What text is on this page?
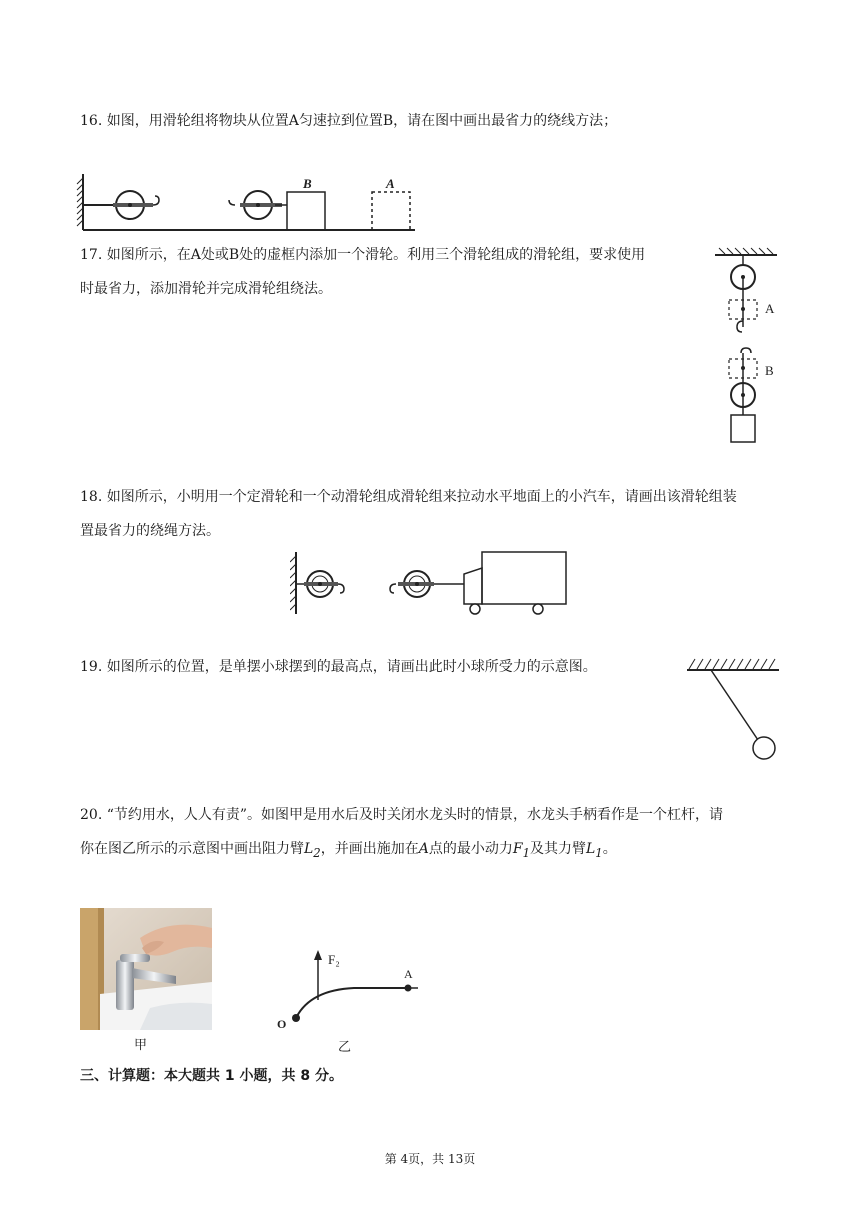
16. 如图，用滑轮组将物块从位置A匀速拉到位置B，请在图中画出最省力的绕线方法；
B	A
17. 如图所示，在A处或B处的虚框内添加一个滑轮。利用三个滑轮组成的滑轮组，要求使用
时最省力，添加滑轮并完成滑轮组绕法。
A
B
18. 如图所示，小明用一个定滑轮和一个动滑轮组成滑轮组来拉动水平地面上的小汽车，请画出该滑轮组装
置最省力的绕绳方法。
19. 如图所示的位置，是单摆小球摆到的最高点，请画出此时小球所受力的示意图。
20. “节约用水，人人有责”。如图甲是用水后及时关闭水龙头时的情景，水龙头手柄看作是一个杠杆，请
你在图乙所示的示意图中画出阻力臂$L_2$，并画出施加在A点的最小动力$F_1$及其力臂$L_1$。
甲
F₂
A
O
乙
三、计算题：本大题共 1 小题，共 8 分。
第 4页，共 13页
